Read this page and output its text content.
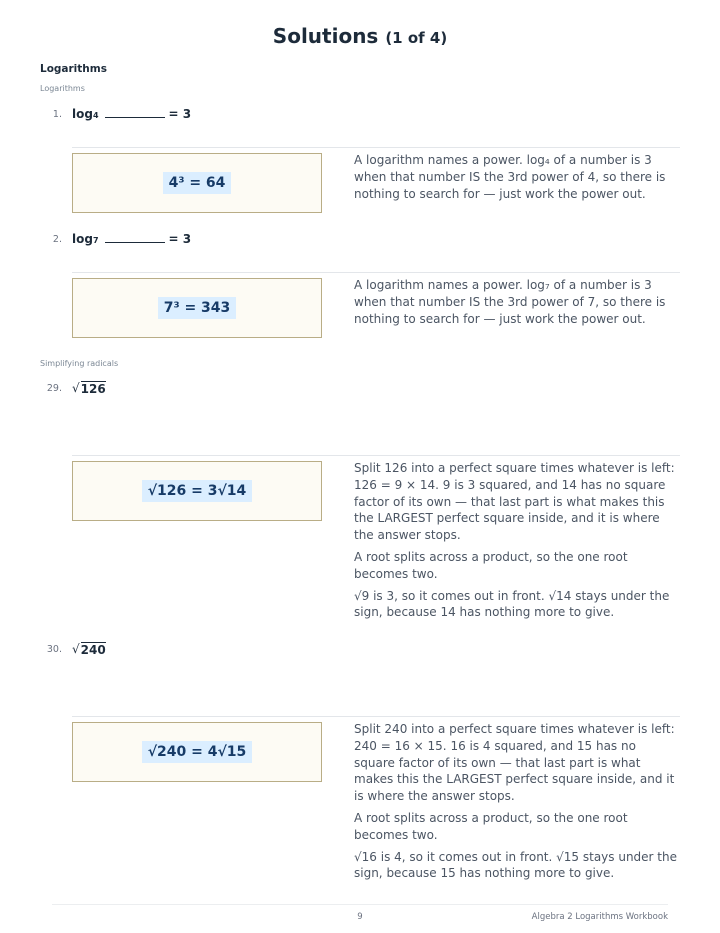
Solutions (1 of 4)
Logarithms
Logarithms
1. log 4	= 3
4³ = 64

A logarithm names a power. log₄ of a number is 3 when that number IS the 3rd power of 4, so there is nothing to search for — just work the power out.

2. log 7	= 3
7³ = 343

A logarithm names a power. log₇ of a number is 3 when that number IS the 3rd power of 7, so there is nothing to search for — just work the power out.

Simplifying radicals
29. √ 126
√126 = 3√14

Split 126 into a perfect square times whatever is left: 126 = 9 × 14. 9 is 3 squared, and 14 has no square factor of its own — that last part is what makes this the LARGEST perfect square inside, and it is where the answer stops.

A root splits across a product, so the one root becomes two.

√9 is 3, so it comes out in front. √14 stays under the sign, because 14 has nothing more to give.

30. √ 240
√240 = 4√15

Split 240 into a perfect square times whatever is left: 240 = 16 × 15. 16 is 4 squared, and 15 has no square factor of its own — that last part is what makes this the LARGEST perfect square inside, and it is where the answer stops.

A root splits across a product, so the one root becomes two.

√16 is 4, so it comes out in front. √15 stays under the sign, because 15 has nothing more to give.

9	Algebra 2 Logarithms Workbook
